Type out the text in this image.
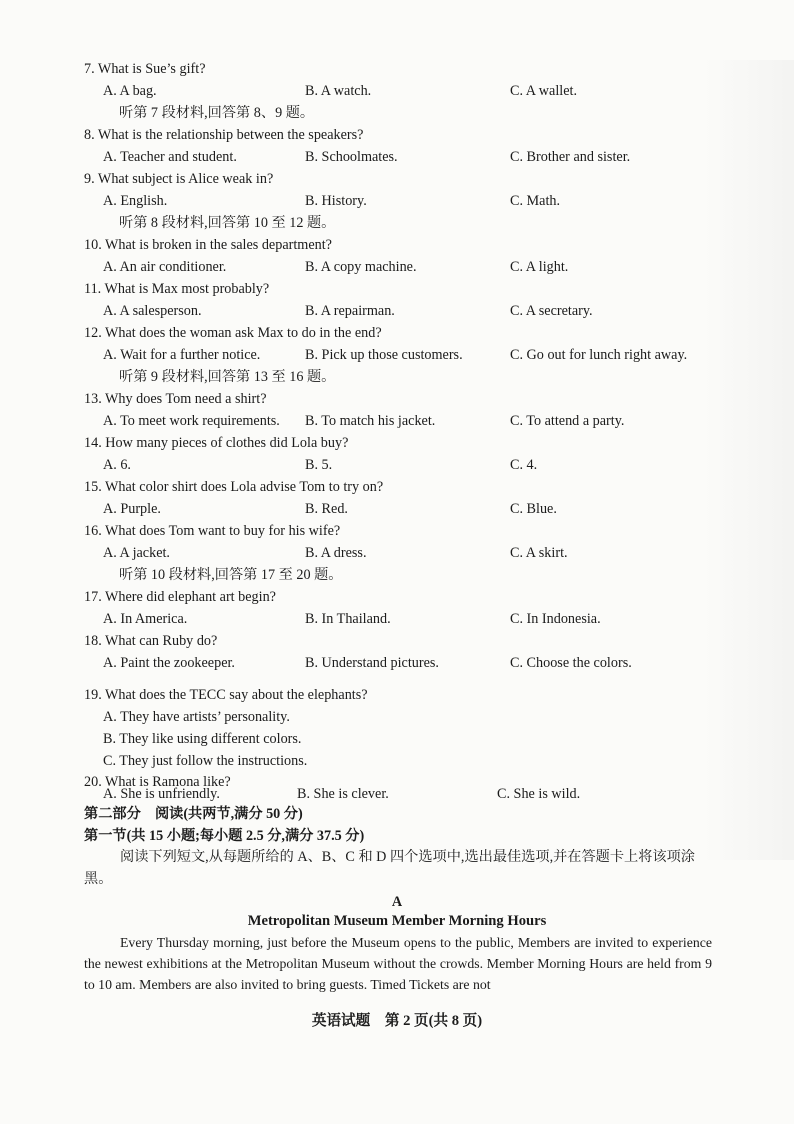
7. What is Sue’s gift?
A. A bag.	B. A watch.	C. A wallet.
听第 7 段材料,回答第 8、9 题。
8. What is the relationship between the speakers?
A. Teacher and student.	B. Schoolmates.	C. Brother and sister.
9. What subject is Alice weak in?
A. English.	B. History.	C. Math.
听第 8 段材料,回答第 10 至 12 题。
10. What is broken in the sales department?
A. An air conditioner.	B. A copy machine.	C. A light.
11. What is Max most probably?
A. A salesperson.	B. A repairman.	C. A secretary.
12. What does the woman ask Max to do in the end?
A. Wait for a further notice.	B. Pick up those customers.	C. Go out for lunch right away.
听第 9 段材料,回答第 13 至 16 题。
13. Why does Tom need a shirt?
A. To meet work requirements. B. To match his jacket.	C. To attend a party.
14. How many pieces of clothes did Lola buy?
A. 6.	B. 5.	C. 4.
15. What color shirt does Lola advise Tom to try on?
A. Purple.	B. Red.	C. Blue.
16. What does Tom want to buy for his wife?
A. A jacket.	B. A dress.	C. A skirt.
听第 10 段材料,回答第 17 至 20 题。
17. Where did elephant art begin?
A. In America.	B. In Thailand.	C. In Indonesia.
18. What can Ruby do?
A. Paint the zookeeper.	B. Understand pictures.	C. Choose the colors.
第二部分　阅读(共两节,满分 50 分)
第一节(共 15 小题;每小题 2.5 分,满分 37.5 分)
阅读下列短文,从每题所给的 A、B、C 和 D 四个选项中,选出最佳选项,并在答题卡上将该项涂黑。
A
Metropolitan Museum Member Morning Hours
Every Thursday morning, just before the Museum opens to the public, Members are invited to experience the newest exhibitions at the Metropolitan Museum without the crowds. Member Morning Hours are held from 9 to 10 am. Members are also invited to bring guests. Timed Tickets are not
19. What does the TECC say about the elephants?
A. They have artists’ personality.
B. They like using different colors.
C. They just follow the instructions.
20. What is Ramona like?
A. She is unfriendly.	B. She is clever.	C. She is wild.
英语试题　第 2 页(共 8 页)
